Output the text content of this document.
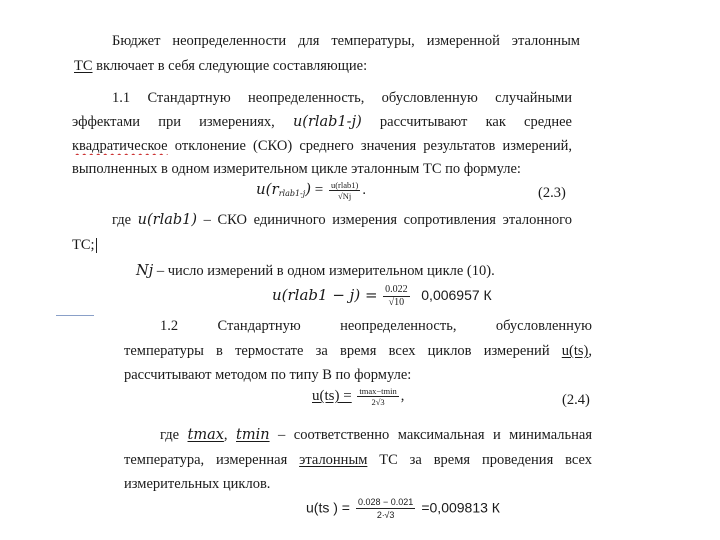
Бюджет неопределенности для температуры, измеренной эталонным
ТС включает в себя следующие составляющие:
1.1 Стандартную неопределенность, обусловленную случайными
эффектами при измерениях, u(rlab1-j) рассчитывают как среднее
квадратическое отклонение (СКО) среднего значения результатов измерений,
выполненных в одном измерительном цикле эталонным ТС по формуле:
$u(r_{rlab1-j}) = \frac{\text{u(rlab1)}}{√Nj}$ .	(2.3)
где u(rlab1) – СКО единичного измерения сопротивления эталонного
ТС;
Nj – число измерений в одном измерительном цикле (10).
u(rlab1 − $j) = \frac{0.022}{√10} 0,006957$ К
1.2 Стандартную неопределенность, обусловленную
температуры в термостате за время всех циклов измерений u(ts),
рассчитывают методом по типу В по формуле:
$u(ts) = \frac{tmax-tmin}{2√3}$ ,	(2.4)
где tmax, tmin – соответственно максимальная и минимальная
температура, измеренная эталонным ТС за время проведения всех
измерительных циклов.
u(ts ) = $\frac{0.028 - 0.021}{2\cdot√3} =0,009813$ К
